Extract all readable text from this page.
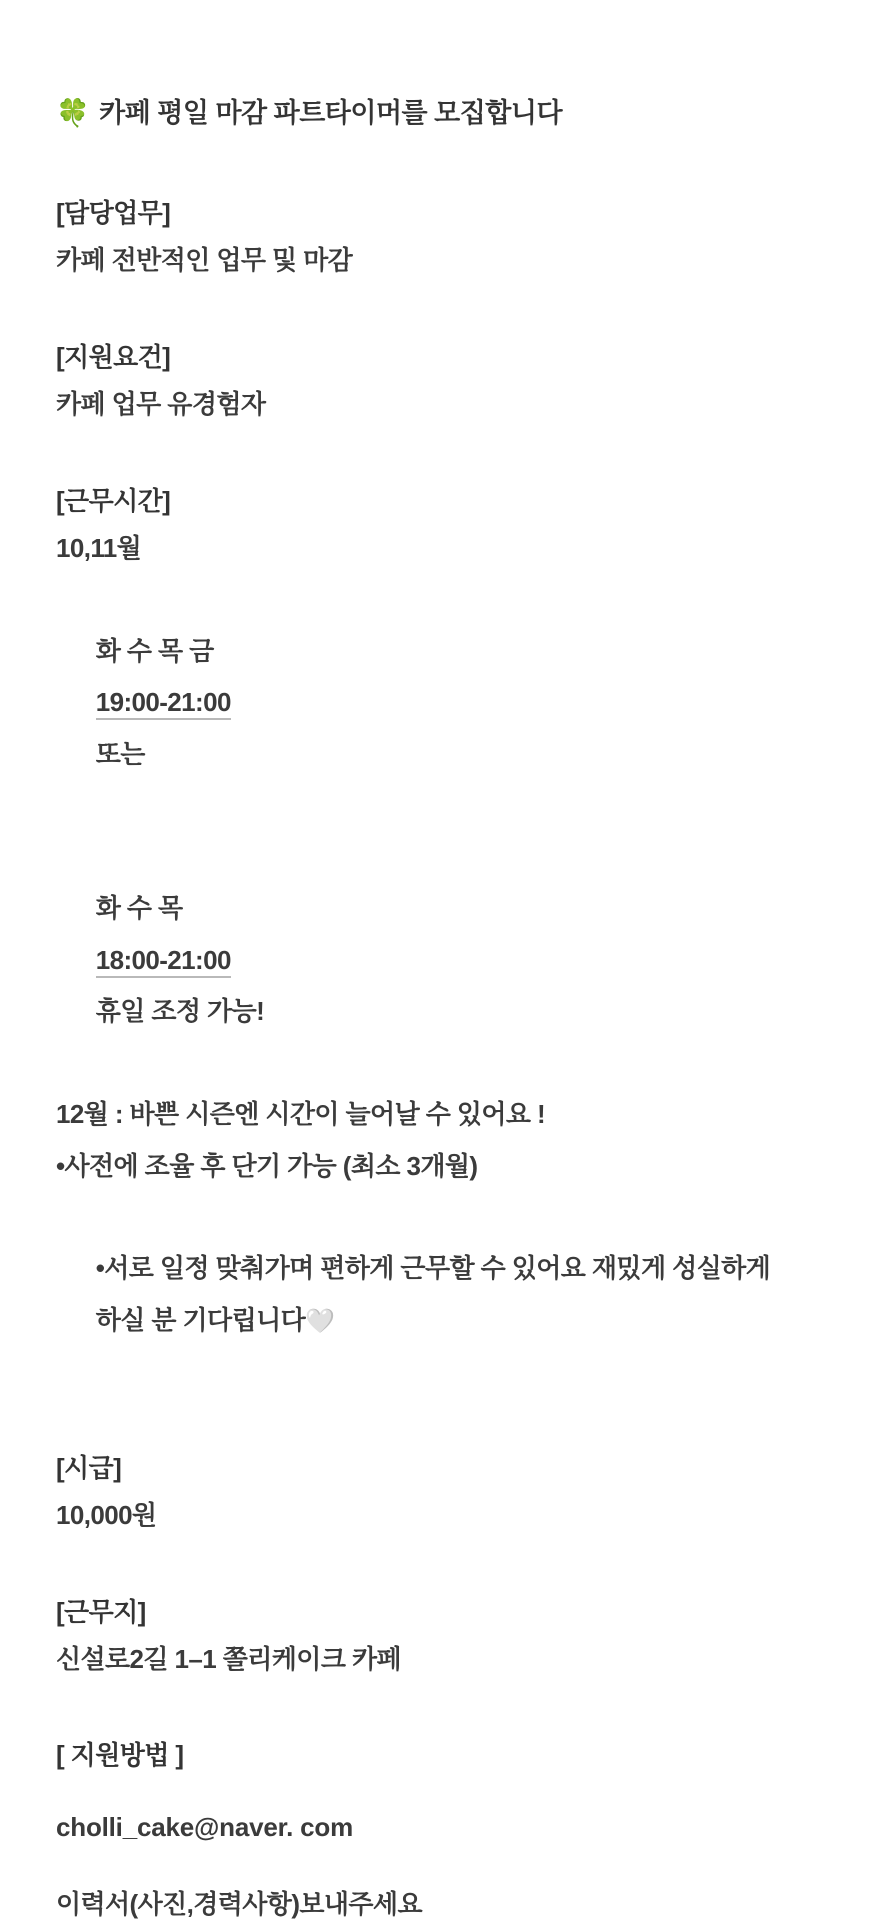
🍀 카페 평일 마감 파트타이머를 모집합니다

[담당업무]

카페 전반적인 업무 및 마감

[지원요건]

카페 업무 유경험자

[근무시간]

10,11월

화 수 목 금
19:00-21:00
또는

화 수 목
18:00-21:00
휴일 조정 가능!

12월 : 바쁜 시즌엔 시간이 늘어날 수 있어요 !

•사전에 조율 후 단기 가능 (최소 3개월)

•서로 일정 맞춰가며 편하게 근무할 수 있어요 재밌게 성실하게
하실 분 기다립니다🤍

[시급]

10,000원

[근무지]

신설로2길 1–1 쫄리케이크 카페

[ 지원방법 ]

cholli_cake@naver. com

이력서(사진,경력사항)보내주세요
